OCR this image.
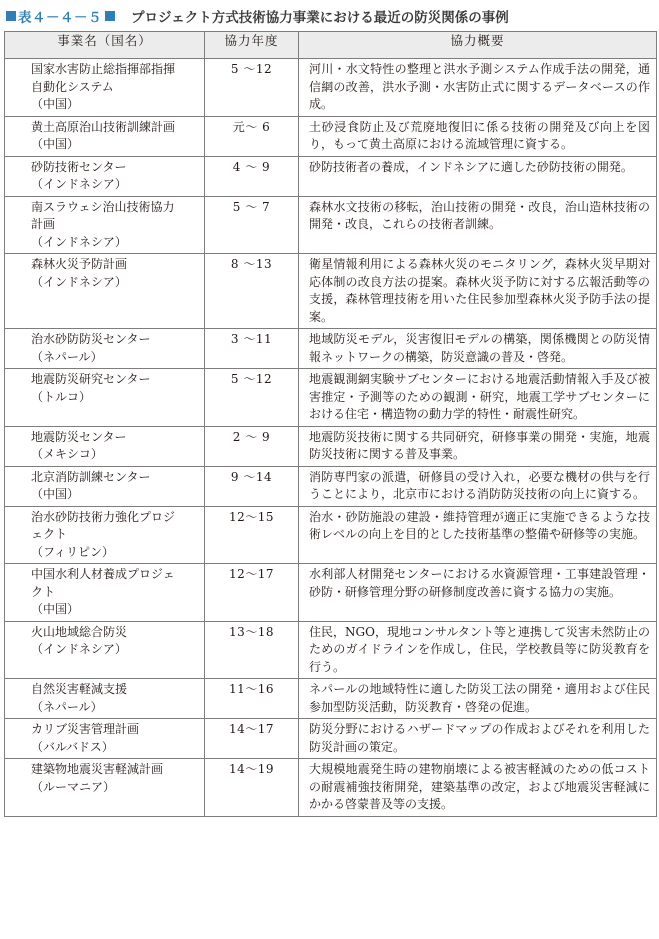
表４－４－５ プロジェクト方式技術協力事業における最近の防災関係の事例
事業名（国名）	協力年度	協力概要

国家水害防止総指揮部指揮
自動化システム
（中国）	5 ～12	河川・水文特性の整理と洪水予測システム作成手法の開発，通信網の改善，洪水予測・水害防止式に関するデータベースの作成。

黄土高原治山技術訓練計画
（中国）	元～ 6	土砂浸食防止及び荒廃地復旧に係る技術の開発及び向上を図り，もって黄土高原における流域管理に資する。

砂防技術センター
（インドネシア）	4 ～ 9	砂防技術者の養成，インドネシアに適した砂防技術の開発。

南スラウェシ治山技術協力
計画
（インドネシア）	5 ～ 7	森林水文技術の移転，治山技術の開発・改良，治山造林技術の開発・改良，これらの技術者訓練。

森林火災予防計画
（インドネシア）	8 ～13	衛星情報利用による森林火災のモニタリング，森林火災早期対応体制の改良方法の提案。森林火災予防に対する広報活動等の支援，森林管理技術を用いた住民参加型森林火災予防手法の提案。

治水砂防防災センター
（ネパール）	3 ～11	地域防災モデル，災害復旧モデルの構築，関係機関との防災情報ネットワークの構築，防災意識の普及・啓発。

地震防災研究センター
（トルコ）	5 ～12	地震観測網実験サブセンターにおける地震活動情報入手及び被害推定・予測等のための観測・研究，地震工学サブセンターにおける住宅・構造物の動力学的特性・耐震性研究。

地震防災センター
（メキシコ）	2 ～ 9	地震防災技術に関する共同研究，研修事業の開発・実施，地震防災技術に関する普及事業。

北京消防訓練センター
（中国）	9 ～14	消防専門家の派遣，研修員の受け入れ，必要な機材の供与を行うことにより，北京市における消防防災技術の向上に資する。

治水砂防技術力強化プロジ
ェクト
（フィリピン）	12～15	治水・砂防施設の建設・維持管理が適正に実施できるような技術レベルの向上を目的とした技術基準の整備や研修等の実施。

中国水利人材養成プロジェ
クト
（中国）	12～17	水利部人材開発センターにおける水資源管理・工事建設管理・砂防・研修管理分野の研修制度改善に資する協力の実施。

火山地域総合防災
（インドネシア）	13～18	住民，NGO，現地コンサルタント等と連携して災害未然防止のためのガイドラインを作成し，住民，学校教員等に防災教育を行う。

自然災害軽減支援
（ネパール）	11～16	ネパールの地域特性に適した防災工法の開発・適用および住民参加型防災活動，防災教育・啓発の促進。

カリブ災害管理計画
（バルバドス）	14～17	防災分野におけるハザードマップの作成およびそれを利用した防災計画の策定。

建築物地震災害軽減計画
（ルーマニア）	14～19	大規模地震発生時の建物崩壊による被害軽減のための低コストの耐震補強技術開発，建築基準の改定，および地震災害軽減にかかる啓蒙普及等の支援。
